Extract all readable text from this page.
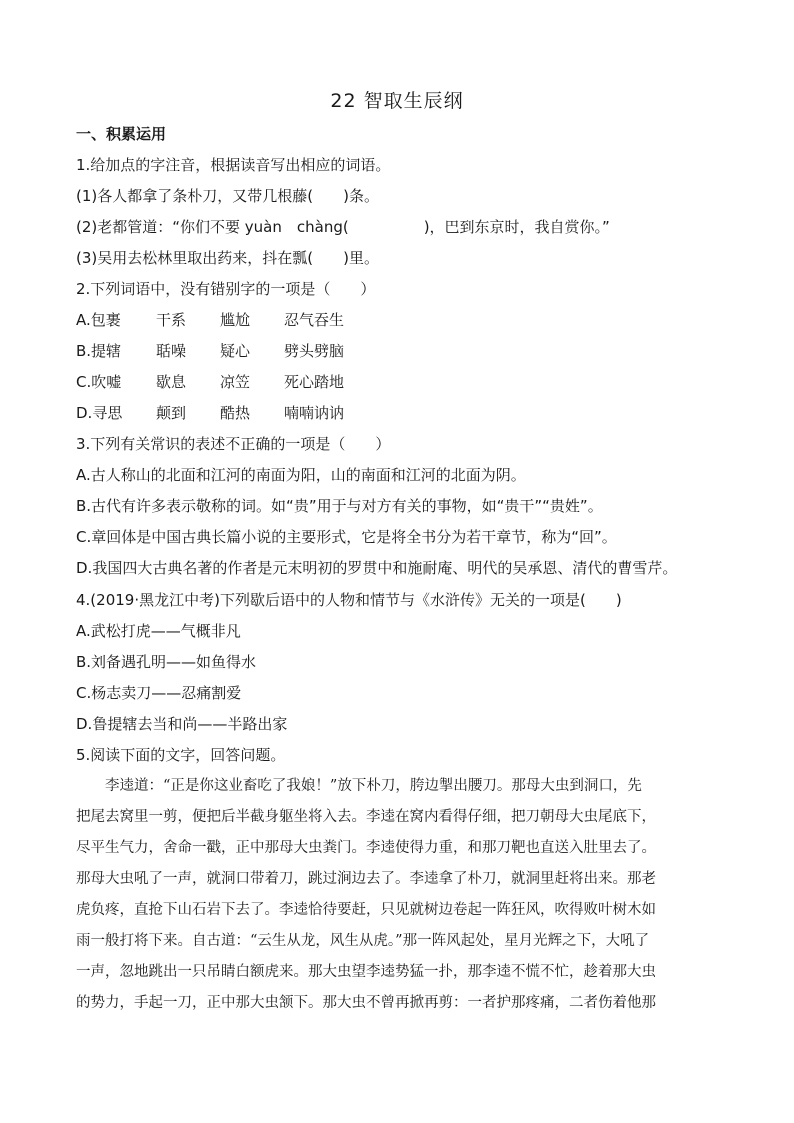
22 智取生辰纲
一、积累运用
1.给加点的字注音，根据读音写出相应的词语。
(1)各人都拿了条朴刀，又带几根藤(　　)条。
(2)老都管道：“你们不要 yuàn　chàng(　　　　　)，巴到东京时，我自赏你。”
(3)吴用去松林里取出药来，抖在瓢(　　)里。
2.下列词语中，没有错别字的一项是（　　）
A.包裹 干系 尴尬 忍气吞生
B.提辖 聒噪 疑心 劈头劈脑
C.吹嘘 歇息 凉笠 死心踏地
D.寻思 颠到 酷热 喃喃讷讷
3.下列有关常识的表述不正确的一项是（　　）
A.古人称山的北面和江河的南面为阳，山的南面和江河的北面为阴。
B.古代有许多表示敬称的词。如“贵”用于与对方有关的事物，如“贵干”“贵姓”。
C.章回体是中国古典长篇小说的主要形式，它是将全书分为若干章节，称为“回”。
D.我国四大古典名著的作者是元末明初的罗贯中和施耐庵、明代的吴承恩、清代的曹雪芹。
4.(2019·黑龙江中考)下列歇后语中的人物和情节与《水浒传》无关的一项是(　　)
A.武松打虎——气概非凡
B.刘备遇孔明——如鱼得水
C.杨志卖刀——忍痛割爱
D.鲁提辖去当和尚——半路出家
5.阅读下面的文字，回答问题。
　　李逵道：“正是你这业畜吃了我娘！”放下朴刀，胯边掣出腰刀。那母大虫到洞口，先
把尾去窝里一剪，便把后半截身躯坐将入去。李逵在窝内看得仔细，把刀朝母大虫尾底下，
尽平生气力，舍命一戳，正中那母大虫粪门。李逵使得力重，和那刀靶也直送入肚里去了。
那母大虫吼了一声，就洞口带着刀，跳过涧边去了。李逵拿了朴刀，就洞里赶将出来。那老
虎负疼，直抢下山石岩下去了。李逵恰待要赶，只见就树边卷起一阵狂风，吹得败叶树木如
雨一般打将下来。自古道：“云生从龙，风生从虎。”那一阵风起处，星月光辉之下，大吼了
一声，忽地跳出一只吊睛白额虎来。那大虫望李逵势猛一扑，那李逵不慌不忙，趁着那大虫
的势力，手起一刀，正中那大虫颔下。那大虫不曾再掀再剪：一者护那疼痛，二者伤着他那
